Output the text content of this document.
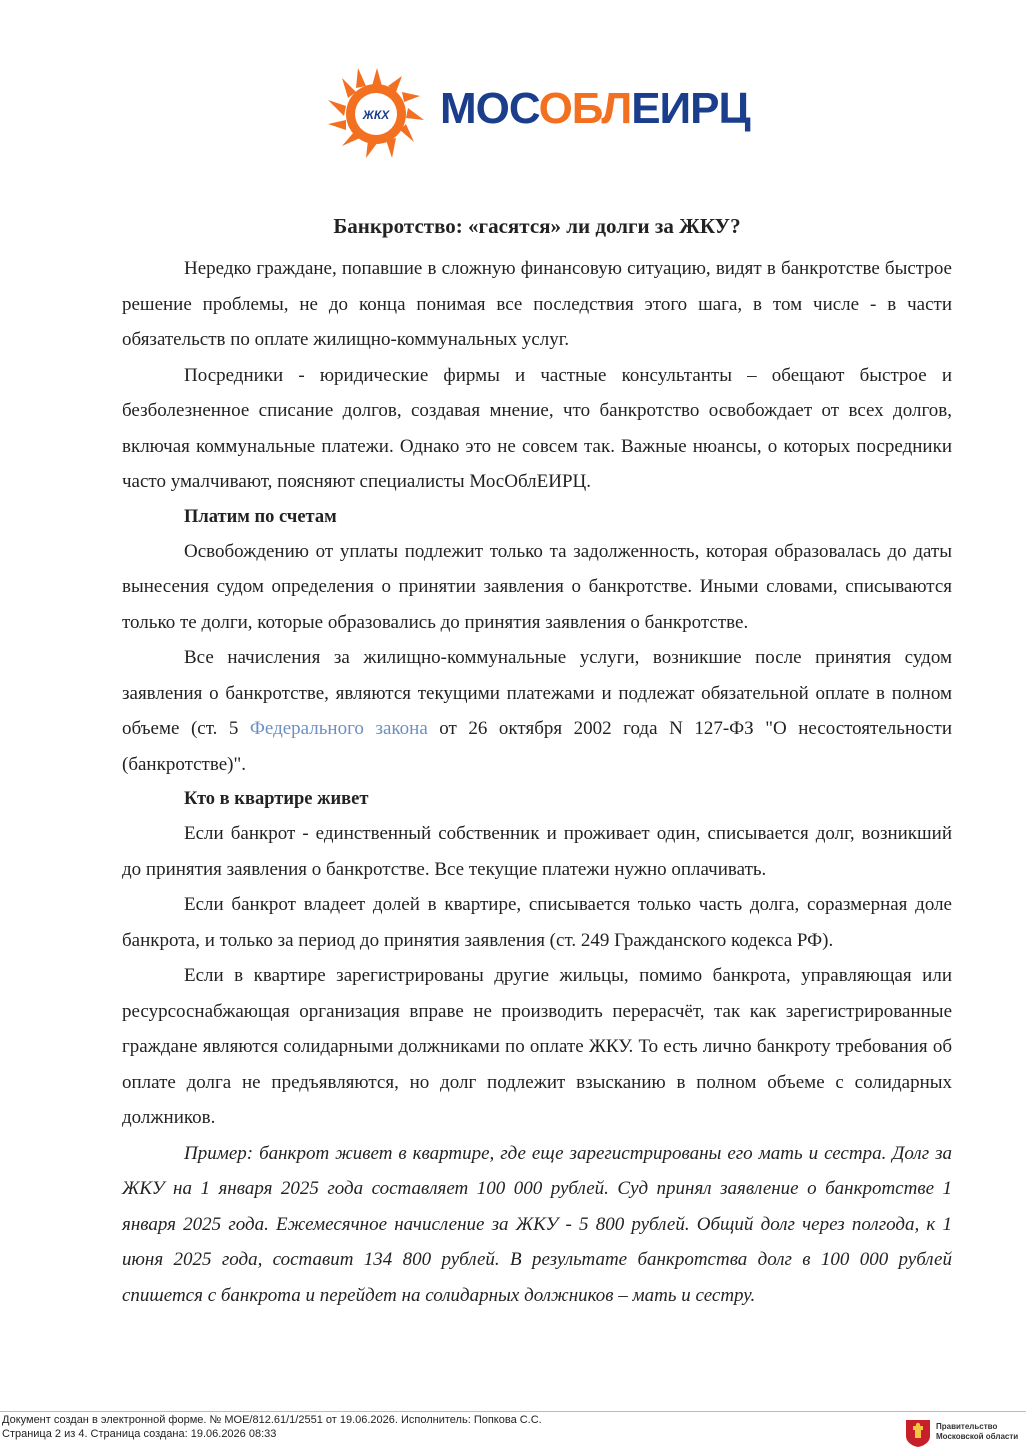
ЖКХ МОСОБЛЕИРЦ
Банкротство: «гасятся» ли долги за ЖКУ?

Нередко граждане, попавшие в сложную финансовую ситуацию, видят в банкротстве быстрое решение проблемы, не до конца понимая все последствия этого шага, в том числе - в части обязательств по оплате жилищно-коммунальных услуг.

Посредники - юридические фирмы и частные консультанты – обещают быстрое и безболезненное списание долгов, создавая мнение, что банкротство освобождает от всех долгов, включая коммунальные платежи. Однако это не совсем так. Важные нюансы, о которых посредники часто умалчивают, поясняют специалисты МосОблЕИРЦ.

Платим по счетам

Освобождению от уплаты подлежит только та задолженность, которая образовалась до даты вынесения судом определения о принятии заявления о банкротстве. Иными словами, списываются только те долги, которые образовались до принятия заявления о банкротстве.

Все начисления за жилищно-коммунальные услуги, возникшие после принятия судом заявления о банкротстве, являются текущими платежами и подлежат обязательной оплате в полном объеме (ст. 5 Федерального закона от 26 октября 2002 года N 127-ФЗ "О несостоятельности (банкротстве)".

Кто в квартире живет

Если банкрот - единственный собственник и проживает один, списывается долг, возникший до принятия заявления о банкротстве. Все текущие платежи нужно оплачивать.

Если банкрот владеет долей в квартире, списывается только часть долга, соразмерная доле банкрота, и только за период до принятия заявления (ст. 249 Гражданского кодекса РФ).

Если в квартире зарегистрированы другие жильцы, помимо банкрота, управляющая или ресурсоснабжающая организация вправе не производить перерасчёт, так как зарегистрированные граждане являются солидарными должниками по оплате ЖКУ. То есть лично банкроту требования об оплате долга не предъявляются, но долг подлежит взысканию в полном объеме с солидарных должников.

Пример: банкрот живет в квартире, где еще зарегистрированы его мать и сестра. Долг за ЖКУ на 1 января 2025 года составляет 100 000 рублей. Суд принял заявление о банкротстве 1 января 2025 года. Ежемесячное начисление за ЖКУ - 5 800 рублей. Общий долг через полгода, к 1 июня 2025 года, составит 134 800 рублей. В результате банкротства долг в 100 000 рублей спишется с банкрота и перейдет на солидарных должников – мать и сестру.

Документ создан в электронной форме. № МОЕ/812.61/1/2551 от 19.06.2026. Исполнитель: Попкова С.С.
Страница 2 из 4. Страница создана: 19.06.2026 08:33
Правительство
Московской области
